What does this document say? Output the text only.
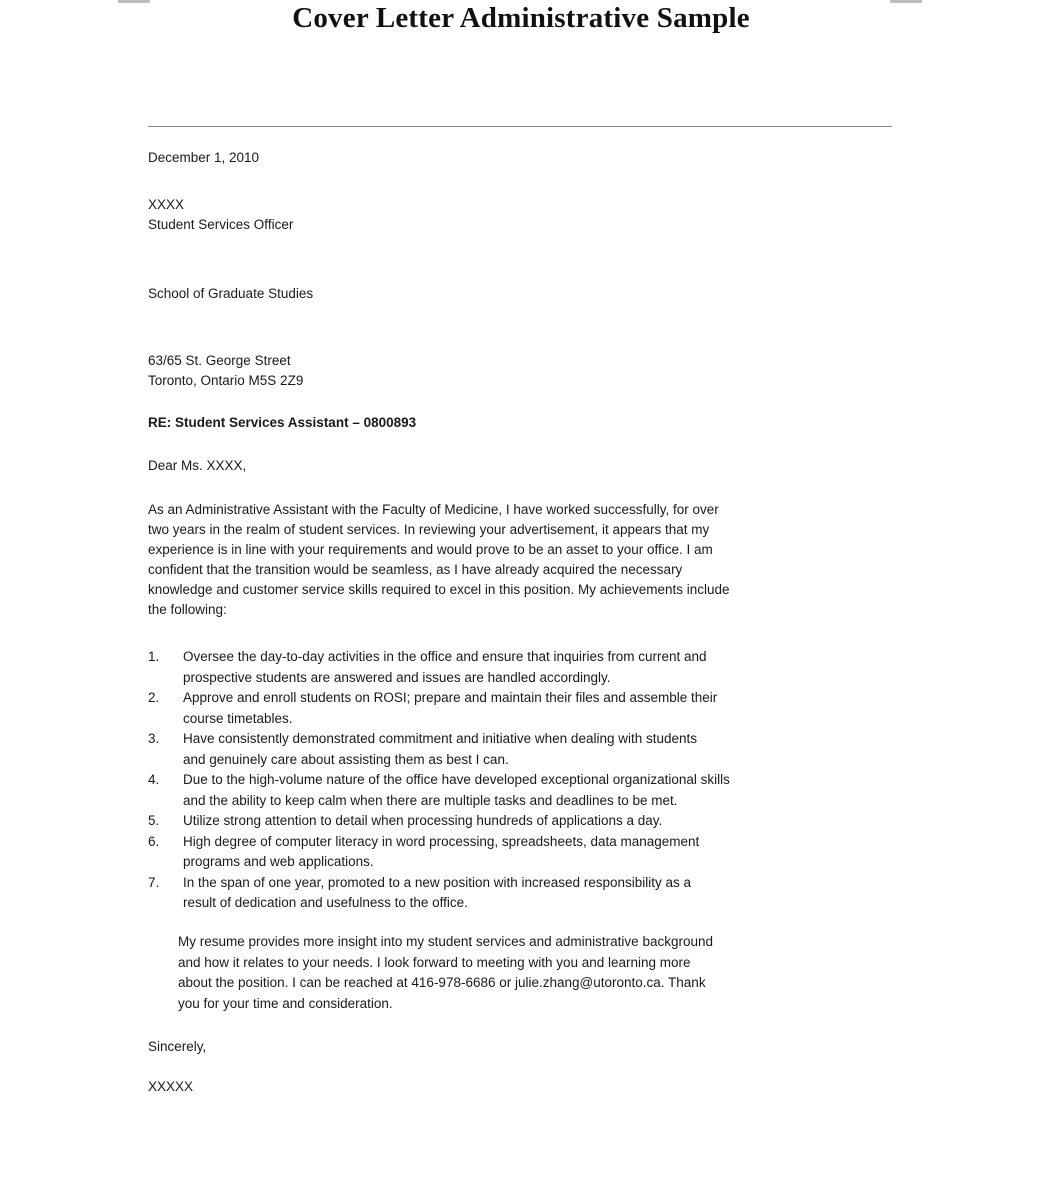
Cover Letter Administrative Sample
December 1, 2010
XXXX
Student Services Officer
School of Graduate Studies
63/65 St. George Street
Toronto, Ontario M5S 2Z9
RE: Student Services Assistant – 0800893
Dear Ms. XXXX,
As an Administrative Assistant with the Faculty of Medicine, I have worked successfully, for over
two years in the realm of student services. In reviewing your advertisement, it appears that my
experience is in line with your requirements and would prove to be an asset to your office. I am
confident that the transition would be seamless, as I have already acquired the necessary
knowledge and customer service skills required to excel in this position. My achievements include
the following:
1. Oversee the day-to-day activities in the office and ensure that inquiries from current and
prospective students are answered and issues are handled accordingly.
2. Approve and enroll students on ROSI; prepare and maintain their files and assemble their
course timetables.
3. Have consistently demonstrated commitment and initiative when dealing with students
and genuinely care about assisting them as best I can.
4. Due to the high-volume nature of the office have developed exceptional organizational skills
and the ability to keep calm when there are multiple tasks and deadlines to be met.
5. Utilize strong attention to detail when processing hundreds of applications a day.
6. High degree of computer literacy in word processing, spreadsheets, data management
programs and web applications.
7. In the span of one year, promoted to a new position with increased responsibility as a
result of dedication and usefulness to the office.
My resume provides more insight into my student services and administrative background
and how it relates to your needs. I look forward to meeting with you and learning more
about the position. I can be reached at 416-978-6686 or julie.zhang@utoronto.ca. Thank
you for your time and consideration.
Sincerely,
XXXXX
